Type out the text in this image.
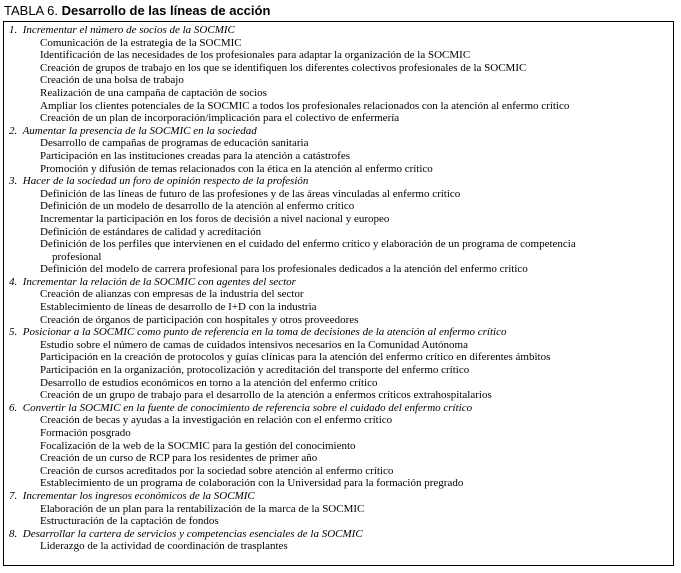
TABLA 6. Desarrollo de las líneas de acción
1. Incrementar el número de socios de la SOCMIC
Comunicación de la estrategia de la SOCMIC
Identificación de las necesidades de los profesionales para adaptar la organización de la SOCMIC
Creación de grupos de trabajo en los que se identifiquen los diferentes colectivos profesionales de la SOCMIC
Creación de una bolsa de trabajo
Realización de una campaña de captación de socios
Ampliar los clientes potenciales de la SOCMIC a todos los profesionales relacionados con la atención al enfermo crítico
Creación de un plan de incorporación/implicación para el colectivo de enfermería
2. Aumentar la presencia de la SOCMIC en la sociedad
Desarrollo de campañas de programas de educación sanitaria
Participación en las instituciones creadas para la atención a catástrofes
Promoción y difusión de temas relacionados con la ética en la atención al enfermo crítico
3. Hacer de la sociedad un foro de opinión respecto de la profesión
Definición de las líneas de futuro de las profesiones y de las áreas vinculadas al enfermo crítico
Definición de un modelo de desarrollo de la atención al enfermo crítico
Incrementar la participación en los foros de decisión a nivel nacional y europeo
Definición de estándares de calidad y acreditación
Definición de los perfiles que intervienen en el cuidado del enfermo crítico y elaboración de un programa de competencia
profesional
Definición del modelo de carrera profesional para los profesionales dedicados a la atención del enfermo crítico
4. Incrementar la relación de la SOCMIC con agentes del sector
Creación de alianzas con empresas de la industria del sector
Establecimiento de líneas de desarrollo de I+D con la industria
Creación de órganos de participación con hospitales y otros proveedores
5. Posicionar a la SOCMIC como punto de referencia en la toma de decisiones de la atención al enfermo crítico
Estudio sobre el número de camas de cuidados intensivos necesarios en la Comunidad Autónoma
Participación en la creación de protocolos y guías clínicas para la atención del enfermo crítico en diferentes ámbitos
Participación en la organización, protocolización y acreditación del transporte del enfermo crítico
Desarrollo de estudios económicos en torno a la atención del enfermo crítico
Creación de un grupo de trabajo para el desarrollo de la atención a enfermos críticos extrahospitalarios
6. Convertir la SOCMIC en la fuente de conocimiento de referencia sobre el cuidado del enfermo crítico
Creación de becas y ayudas a la investigación en relación con el enfermo crítico
Formación posgrado
Focalización de la web de la SOCMIC para la gestión del conocimiento
Creación de un curso de RCP para los residentes de primer año
Creación de cursos acreditados por la sociedad sobre atención al enfermo crítico
Establecimiento de un programa de colaboración con la Universidad para la formación pregrado
7. Incrementar los ingresos económicos de la SOCMIC
Elaboración de un plan para la rentabilización de la marca de la SOCMIC
Estructuración de la captación de fondos
8. Desarrollar la cartera de servicios y competencias esenciales de la SOCMIC
Liderazgo de la actividad de coordinación de trasplantes
